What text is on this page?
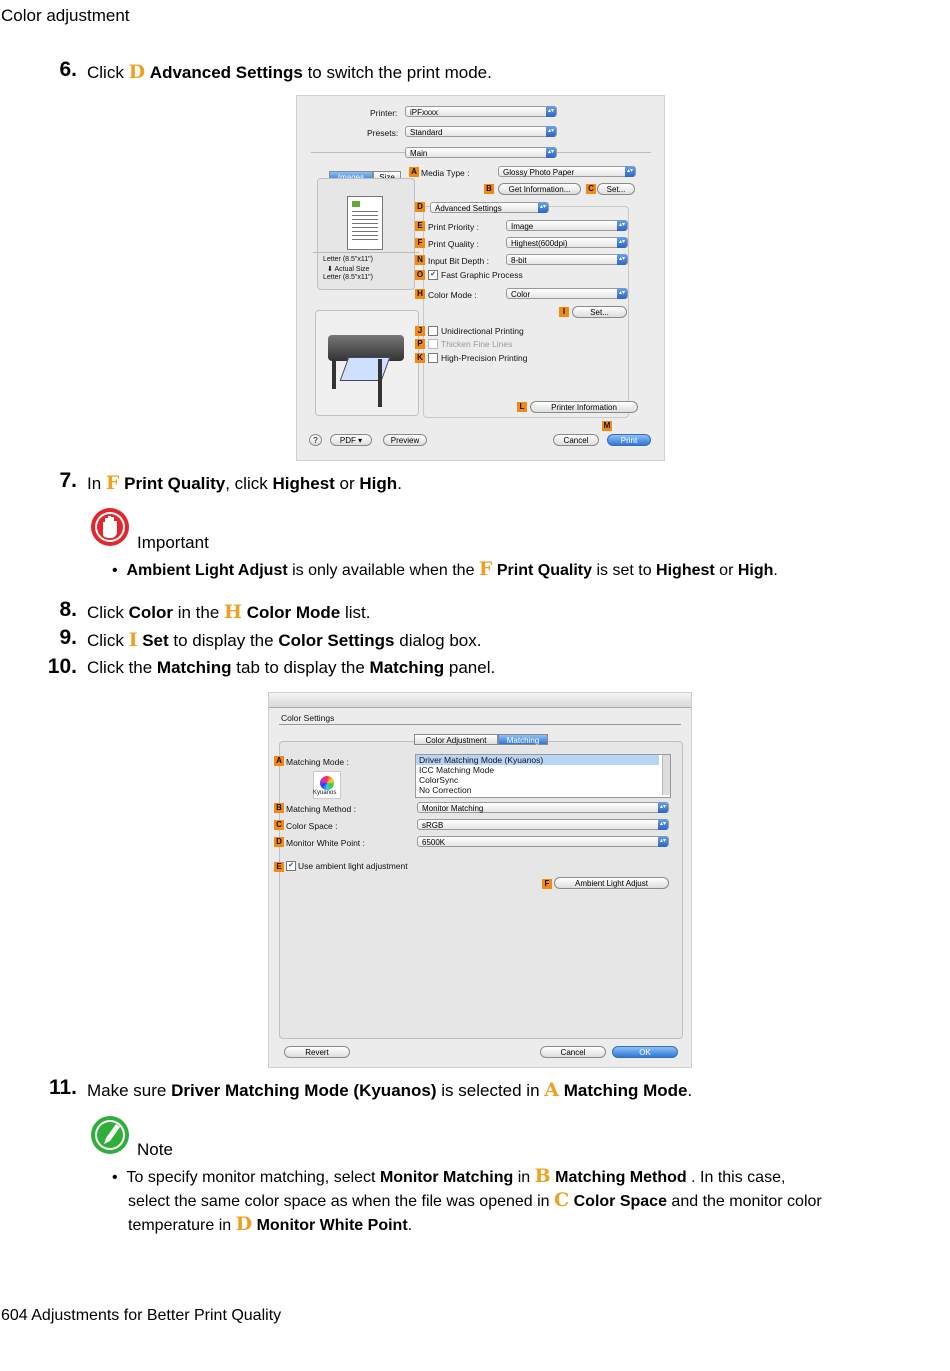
Color adjustment
6. Click D Advanced Settings to switch the print mode.
Printer:	iPFxxxx	▴▾
Presets:	Standard	▴▾
Main	▴▾
Letter (8.5"x11")
⬇ Actual Size
Letter (8.5"x11")
A Media Type :	Glossy Photo Paper	▴▾
B	Get Information...	C	Set...
D	Advanced Settings	▴▾
E Print Priority :	Image	▴▾
F Print Quality :	Highest(600dpi)	▴▾
N Input Bit Depth :	8-bit	▴▾
O ✔ Fast Graphic Process
H Color Mode :	Color	▴▾
I	Set...
J	Unidirectional Printing
P Thicken Fine Lines
K High-Precision Printing
L	Printer Information
M
?	PDF ▾	Preview	Cancel	Print
7. In F Print Quality, click Highest or High.
Important
•  Ambient Light Adjust is only available when the F Print Quality is set to Highest or High.
8. Click Color in the H Color Mode list.
9. Click I Set to display the Color Settings dialog box.
10. Click the Matching tab to display the Matching panel.
Color Settings
Color Adjustment	Matching
A Matching Mode :
Kyuanos
Driver Matching Mode (Kyuanos)
ICC Matching Mode
ColorSync
No Correction
B Matching Method :	Monitor Matching	▴▾
C Color Space :	sRGB	▴▾
D Monitor White Point :	6500K	▴▾
E ✔ Use ambient light adjustment
F	Ambient Light Adjust
Revert	Cancel	OK
11. Make sure Driver Matching Mode (Kyuanos) is selected in A Matching Mode.
Note
•  To specify monitor matching, select Monitor Matching in B Matching Method . In this case,
select the same color space as when the file was opened in C Color Space and the monitor color
temperature in D Monitor White Point.
604 Adjustments for Better Print Quality
